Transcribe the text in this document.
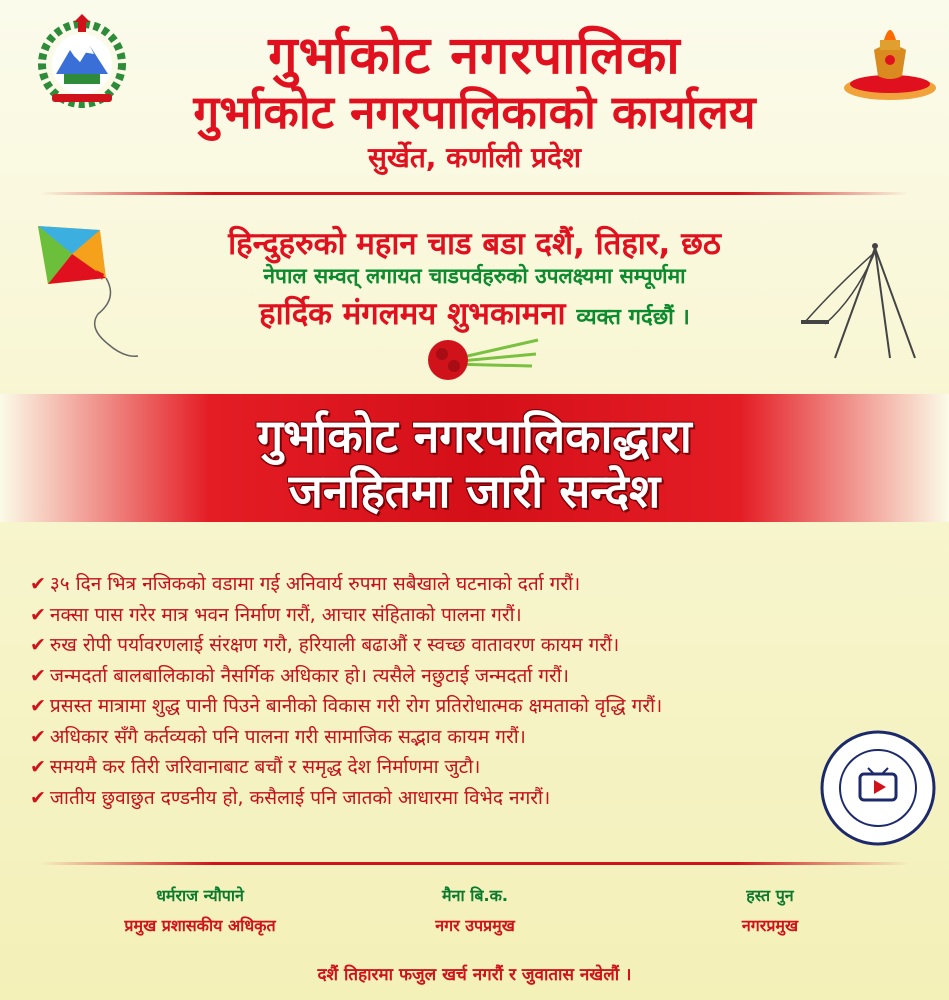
गुर्भाकोट नगरपालिका
गुर्भाकोट नगरपालिकाको कार्यालय
सुर्खेत, कर्णाली प्रदेश
हिन्दुहरुको महान चाड बडा दशैं, तिहार, छठ
नेपाल सम्वत् लगायत चाडपर्वहरुको उपलक्ष्यमा सम्पूर्णमा
हार्दिक मंगलमय शुभकामना व्यक्त गर्दछौं ।
गुर्भाकोट नगरपालिकाद्धारा
जनहितमा जारी सन्देश
✔ ३५ दिन भित्र नजिकको वडामा गई अनिवार्य रुपमा सबैखाले घटनाको दर्ता गरौं।
✔ नक्सा पास गरेर मात्र भवन निर्माण गरौं, आचार संहिताको पालना गरौं।
✔ रुख रोपी पर्यावरणलाई संरक्षण गरौ, हरियाली बढाऔं र स्वच्छ वातावरण कायम गरौं।
✔ जन्मदर्ता बालबालिकाको नैसर्गिक अधिकार हो। त्यसैले नछुटाई जन्मदर्ता गरौं।
✔ प्रसस्त मात्रामा शुद्ध पानी पिउने बानीको विकास गरी रोग प्रतिरोधात्मक क्षमताको वृद्धि गरौं।
✔ अधिकार सँगै कर्तव्यको पनि पालना गरी सामाजिक सद्भाव कायम गरौं।
✔ समयमै कर तिरी जरिवानाबाट बचौं र समृद्ध देश निर्माणमा जुटौ।
✔ जातीय छुवाछुत दण्डनीय हो, कसैलाई पनि जातको आधारमा विभेद नगरौं।
धर्मराज न्यौपाने
प्रमुख प्रशासकीय अधिकृत
मैना बि.क.
नगर उपप्रमुख
हस्त पुन
नगरप्रमुख
दशैं तिहारमा फजुल खर्च नगरौं र जुवातास नखेलौं ।
